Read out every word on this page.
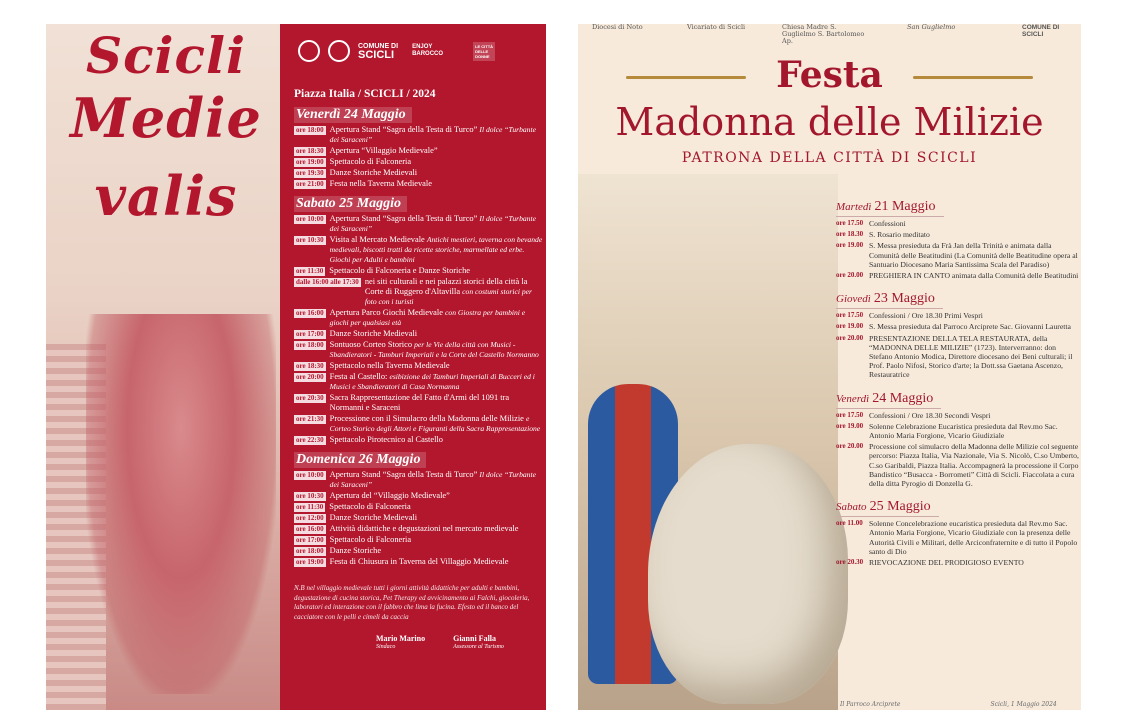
Scicli
Medie
valis
COMUNE DI
SCICLI
ENJOY
BAROCCO
LE CITTÀ DELLE DONNE
Piazza Italia / SCICLI / 2024
Venerdì 24 Maggio
ore 18:00 Apertura Stand “Sagra della Testa di Turco” Il dolce “Turbante dei Saraceni”
ore 18:30 Apertura “Villaggio Medievale”
ore 19:00 Spettacolo di Falconeria
ore 19:30 Danze Storiche Medievali
ore 21:00 Festa nella Taverna Medievale
Sabato 25 Maggio
ore 10:00 Apertura Stand “Sagra della Testa di Turco” Il dolce “Turbante dei Saraceni”
ore 10:30 Visita al Mercato Medievale Antichi mestieri, taverna con bevande medievali, biscotti tratti da ricette storiche, marmellate ed erbe. Giochi per Adulti e bambini
ore 11:30 Spettacolo di Falconeria e Danze Storiche
dalle 16:00 alle 17:30 nei siti culturali e nei palazzi storici della città la Corte di Ruggero d'Altavilla con costumi storici per foto con i turisti
ore 16:00 Apertura Parco Giochi Medievale con Giostra per bambini e giochi per qualsiasi età
ore 17:00 Danze Storiche Medievali
ore 18:00 Sontuoso Corteo Storico per le Vie della città con Musici - Sbandieratori - Tamburi Imperiali e la Corte del Castello Normanno
ore 18:30 Spettacolo nella Taverna Medievale
ore 20:00 Festa al Castello: esibizione dei Tamburi Imperiali di Bucceri ed i Musici e Sbandieratori di Casa Normanna
ore 20:30 Sacra Rappresentazione del Fatto d'Armi del 1091 tra Normanni e Saraceni
ore 21:30 Processione con il Simulacro della Madonna delle Milizie e Corteo Storico degli Attori e Figuranti della Sacra Rappresentazione
ore 22:30 Spettacolo Pirotecnico al Castello
Domenica 26 Maggio
ore 10:00 Apertura Stand “Sagra della Testa di Turco” Il dolce “Turbante dei Saraceni”
ore 10:30 Apertura del “Villaggio Medievale”
ore 11:30 Spettacolo di Falconeria
ore 12:00 Danze Storiche Medievali
ore 16:00 Attività didattiche e degustazioni nel mercato medievale
ore 17:00 Spettacolo di Falconeria
ore 18:00 Danze Storiche
ore 19:00 Festa di Chiusura in Taverna del Villaggio Medievale
N.B nel villaggio medievale tutti i giorni attività didattiche per adulti e bambini, degustazione di cucina storica, Pet Therapy ed avvicinamento ai Falchi, giocoleria, laboratori ed interazione con il fabbro che lima la fucina. Efesto ed il banco del cacciatore con le pelli e cimeli da caccia
Mario Marino
Sindaco
Gianni Falla
Assessore al Turismo
Diocesi di Noto	Vicariato di Scicli	Chiesa Madre S. Guglielmo S. Bartolomeo Ap.
San Guglielmo	COMUNE DI SCICLI
Festa
Madonna delle Milizie
PATRONA DELLA CITTÀ DI SCICLI
Martedì 21 Maggio
ore 17.50 Confessioni
ore 18.30 S. Rosario meditato
ore 19.00 S. Messa presieduta da Frà Jan della Trinità e animata dalla Comunità delle Beatitudini (La Comunità delle Beatitudine opera al Santuario Diocesano Maria Santissima Scala del Paradiso)
ore 20.00 PREGHIERA IN CANTO animata dalla Comunità delle Beatitudini
Giovedì 23 Maggio
ore 17.50 Confessioni / Ore 18.30 Primi Vespri
ore 19.00 S. Messa presieduta dal Parroco Arciprete Sac. Giovanni Lauretta
ore 20.00 PRESENTAZIONE DELLA TELA RESTAURATA, della “MADONNA DELLE MILIZIE” (1723). Interverranno: don Stefano Antonio Modica, Direttore diocesano dei Beni culturali; il Prof. Paolo Nifosì, Storico d'arte; la Dott.ssa Gaetana Ascenzo, Restauratrice
Venerdì 24 Maggio
ore 17.50 Confessioni / Ore 18.30 Secondi Vespri
ore 19.00 Solenne Celebrazione Eucaristica presieduta dal Rev.mo Sac. Antonio Maria Forgione, Vicario Giudiziale
ore 20.00 Processione col simulacro della Madonna delle Milizie col seguente percorso: Piazza Italia, Via Nazionale, Via S. Nicolò, C.so Umberto, C.so Garibaldi, Piazza Italia. Accompagnerà la processione il Corpo Bandistico “Busacca - Borrometi” Città di Scicli. Fiaccolata a cura della ditta Pyrogio di Donzella G.
Sabato 25 Maggio
ore 11.00 Solenne Concelebrazione eucaristica presieduta dal Rev.mo Sac. Antonio Maria Forgione, Vicario Giudiziale con la presenza delle Autorità Civili e Militari, delle Arciconfraternite e di tutto il Popolo santo di Dio
ore 20.30 RIEVOCAZIONE DEL PRODIGIOSO EVENTO
Il Parroco Arciprete	Scicli, 1 Maggio 2024
